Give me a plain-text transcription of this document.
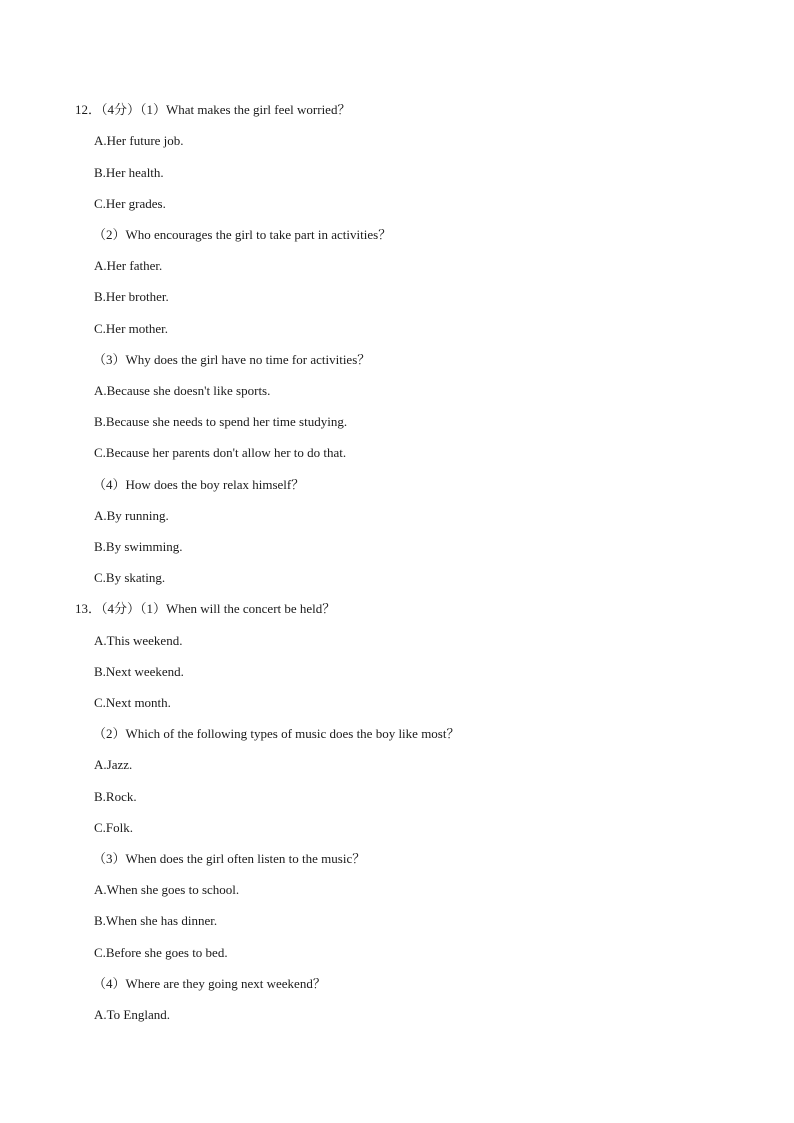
12．（4分）（1）What makes the girl feel worried？
A.Her future job.
B.Her health.
C.Her grades.
（2）Who encourages the girl to take part in activities？
A.Her father.
B.Her brother.
C.Her mother.
（3）Why does the girl have no time for activities？
A.Because she doesn't like sports.
B.Because she needs to spend her time studying.
C.Because her parents don't allow her to do that.
（4）How does the boy relax himself？
A.By running.
B.By swimming.
C.By skating.
13．（4分）（1）When will the concert be held？
A.This weekend.
B.Next weekend.
C.Next month.
（2）Which of the following types of music does the boy like most？
A.Jazz.
B.Rock.
C.Folk.
（3）When does the girl often listen to the music？
A.When she goes to school.
B.When she has dinner.
C.Before she goes to bed.
（4）Where are they going next weekend？
A.To England.
